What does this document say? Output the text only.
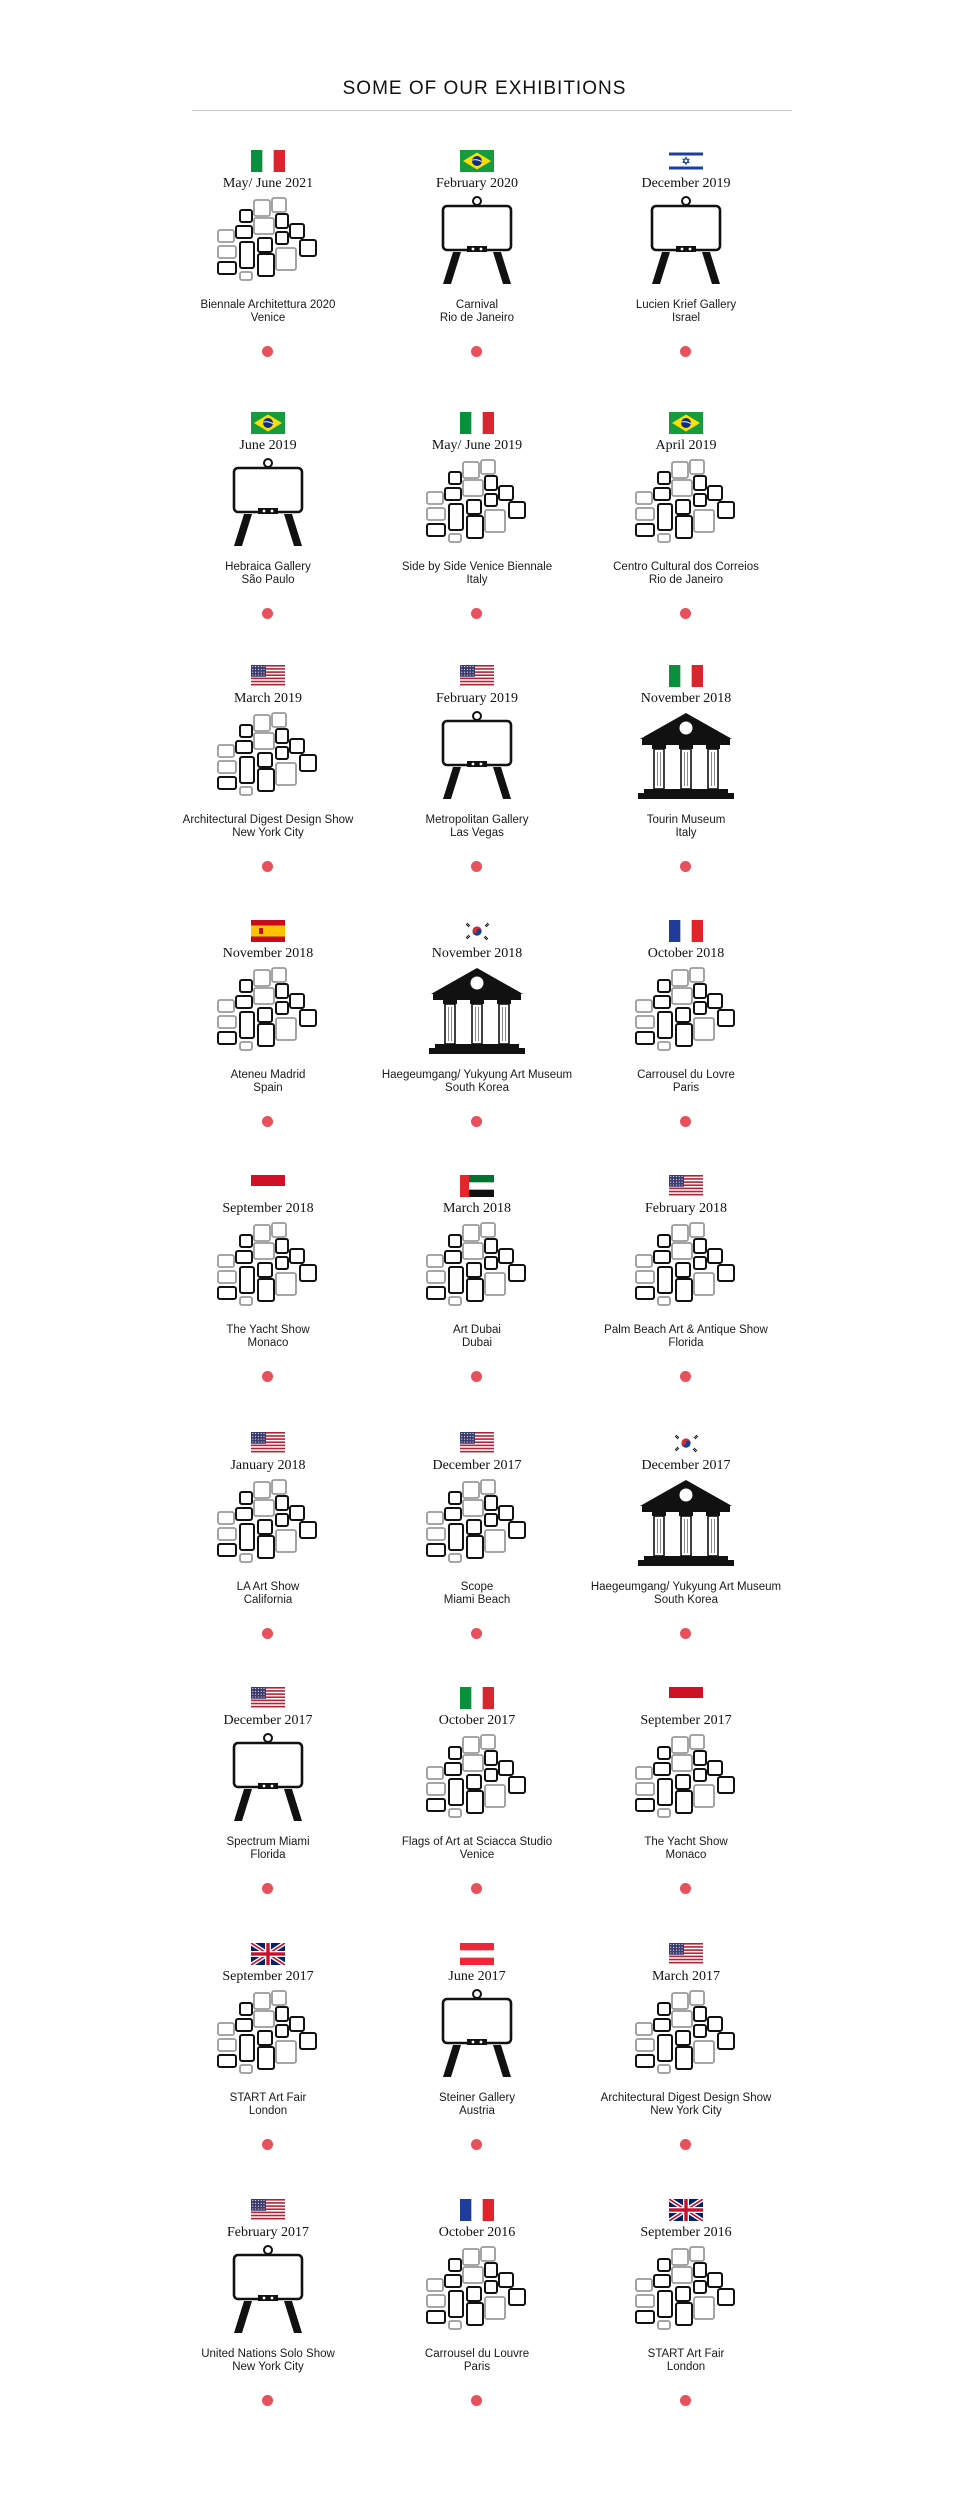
SOME OF OUR EXHIBITIONS
May/ June 2021
Biennale Architettura 2020
Venice
February 2020
Carnival
Rio de Janeiro
December 2019
Lucien Krief Gallery
Israel
June 2019
Hebraica Gallery
São Paulo
May/ June 2019
Side by Side Venice Biennale
Italy
April 2019
Centro Cultural dos Correios
Rio de Janeiro
March 2019
Architectural Digest Design Show
New York City
February 2019
Metropolitan Gallery
Las Vegas
November 2018
Tourin Museum
Italy
November 2018
Ateneu Madrid
Spain
November 2018
Haegeumgang/ Yukyung Art Museum
South Korea
October 2018
Carrousel du Lovre
Paris
September 2018
The Yacht Show
Monaco
March 2018
Art Dubai
Dubai
February 2018
Palm Beach Art & Antique Show
Florida
January 2018
LA Art Show
California
December 2017
Scope
Miami Beach
December 2017
Haegeumgang/ Yukyung Art Museum
South Korea
December 2017
Spectrum Miami
Florida
October 2017
Flags of Art at Sciacca Studio
Venice
September 2017
The Yacht Show
Monaco
September 2017
START Art Fair
London
June 2017
Steiner Gallery
Austria
March 2017
Architectural Digest Design Show
New York City
February 2017
United Nations Solo Show
New York City
October 2016
Carrousel du Louvre
Paris
September 2016
START Art Fair
London
